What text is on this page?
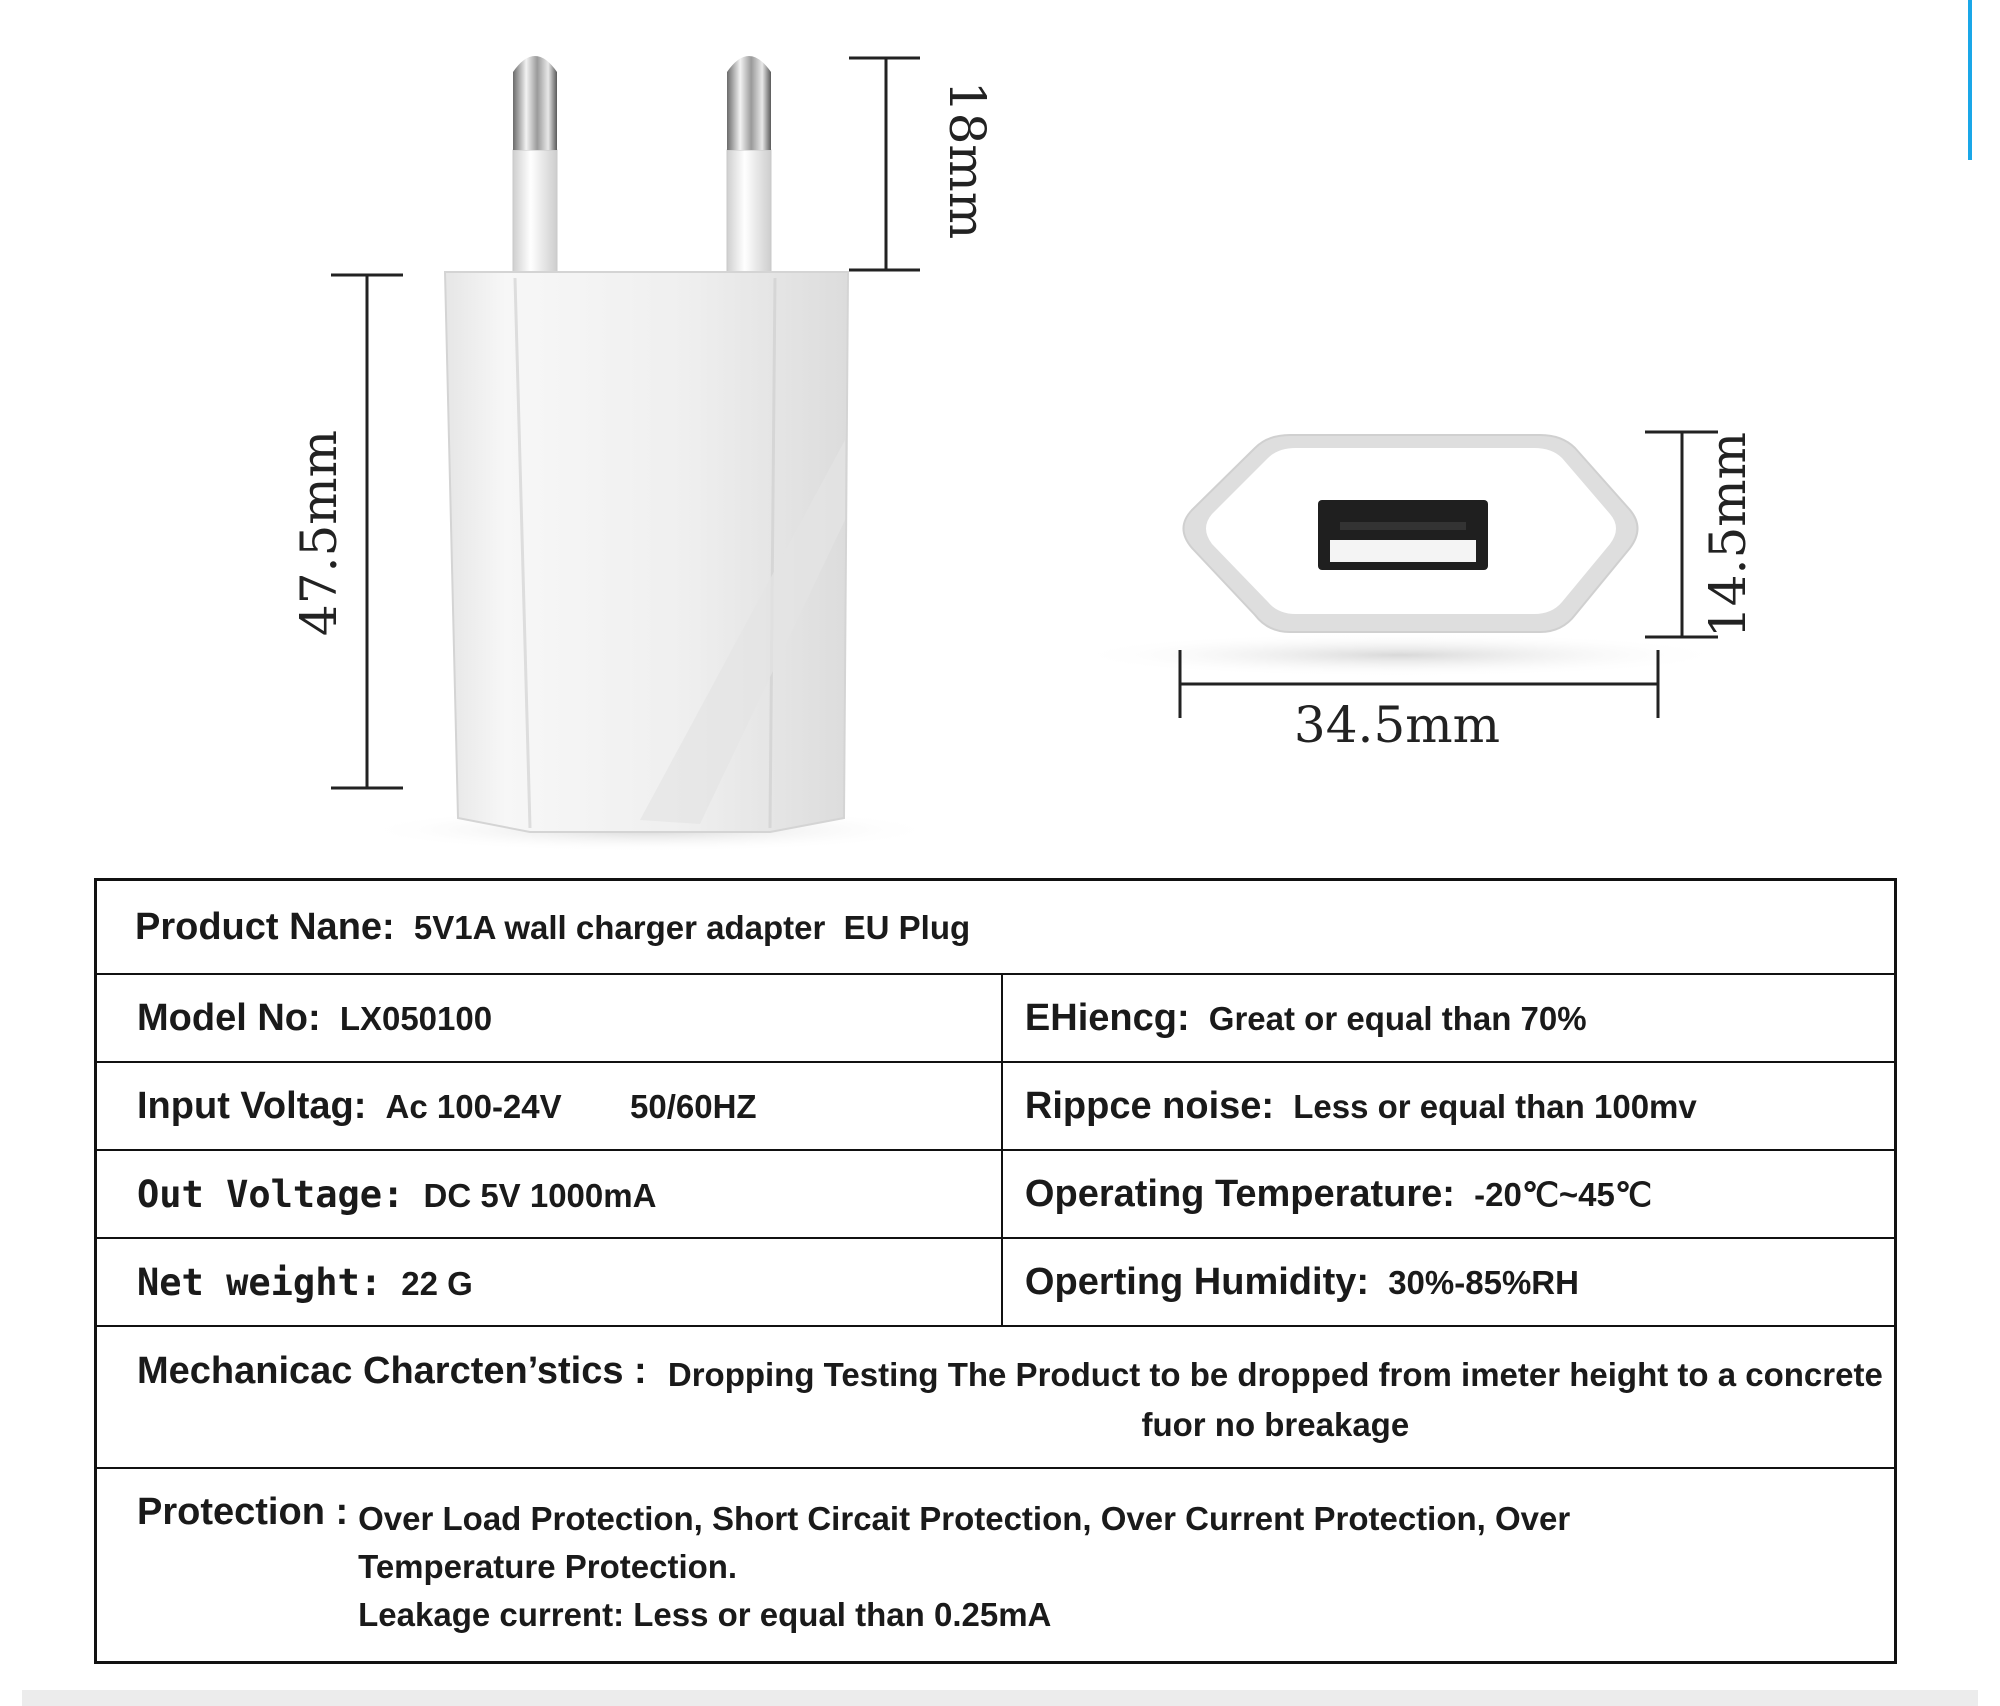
47.5mm
18mm
34.5mm
14.5mm
Product Nane: 5V1A wall charger adapter  EU Plug	
Model No: LX050100	EHiencg: Great or equal than 70%
Input Voltag: Ac 100-24V 50/60HZ	Rippce noise: Less or equal than 100mv
Out Voltage: DC 5V 1000mA	Operating Temperature: -20℃~45℃
Net weight: 22 G	Operting Humidity: 30%-85%RH

Mechanicac Charcten’stics : Dropping Testing The Product to be dropped from imeter height to a concrete fuor no breakage	

Protection : Over Load Protection, Short Circait Protection, Over Current Protection, Over
Temperature Protection.
Leakage current: Less or equal than 0.25mA	
